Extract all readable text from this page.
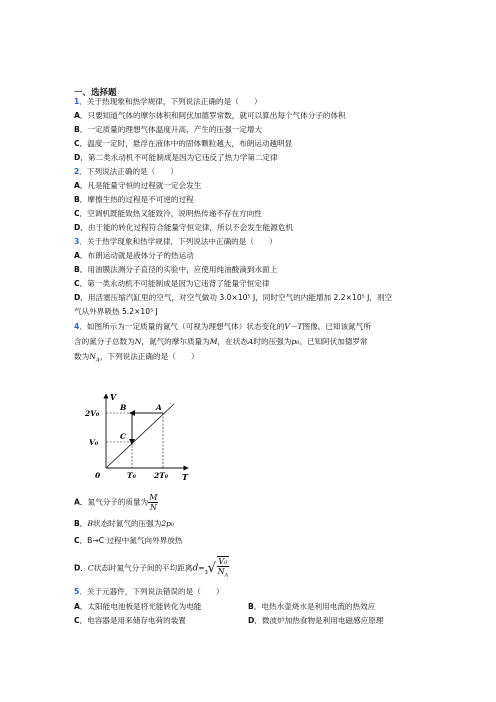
一、选择题
1．关于热现象和热学规律，下列说法正确的是（　　）
A．只要知道气体的摩尔体积和阿伏加德罗常数，就可以算出每个气体分子的体积
B．一定质量的理想气体温度升高，产生的压强一定增大
C．温度一定时，悬浮在液体中的固体颗粒越大，布朗运动越明显
D．第二类永动机不可能制成是因为它违反了热力学第二定律
2．下列说法正确的是（　　）
A．凡是能量守恒的过程就一定会发生
B．摩擦生热的过程是不可逆的过程
C．空调机既能致热又能致冷，说明热传递不存在方向性
D．由于能的转化过程符合能量守恒定律，所以不会发生能源危机
3．关于热学现象和热学规律，下列说法中正确的是（　　）
A．布朗运动就是液体分子的热运动
B．用油膜法测分子直径的实验中，应使用纯油酸滴到水面上
C．第一类永动机不可能制成是因为它违背了能量守恒定律
D．用活塞压缩汽缸里的空气，对空气做功 3.0×10⁵ J，同时空气的内能增加 2.2×10⁵ J，则空
气从外界吸热 5.2×10⁵ J
4．如图所示为一定质量的氮气（可视为理想气体）状态变化的V－T图像。已知该氮气所
含的氮分子总数为N，氮气的摩尔质量为M，在状态A时的压强为p₀。已知阿伏加德罗常
数为$N_A$，下列说法正确的是（　　）
V
T
2V₀
V₀
T₀ 2T₀
0
B	A
C
A．氮气分子的质量为 $\frac{M}{N}$
B．B状态时氮气的压强为2p₀
C．B→C 过程中氮气向外界放热
D．C状态时氮气分子间的平均距离d=
3 √ $\frac{\text{V₀}}{N_A}$
5．关于元器件，下列说法错误的是（　　）
A．太阳能电池板是将光能转化为电能	B．电热水壶烧水是利用电流的热效应
C．电容器是用来储存电荷的装置	D．微波炉加热食物是利用电磁感应原理
